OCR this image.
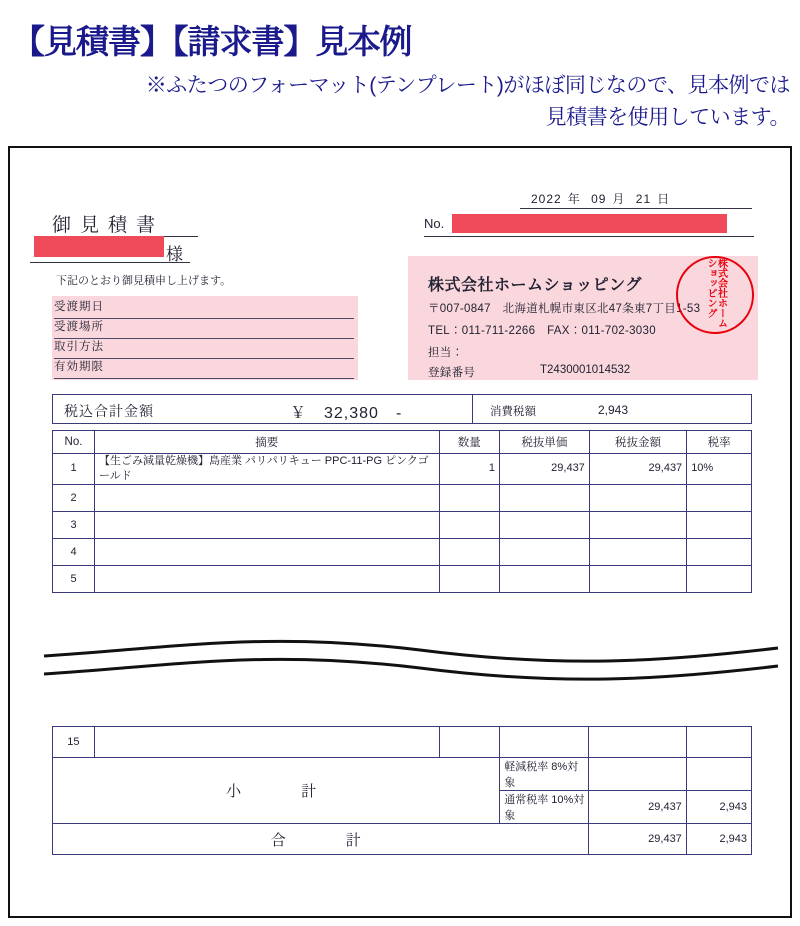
【見積書】【請求書】見本例
※ふたつのフォーマット(テンプレート)がほぼ同じなので、見本例では見積書を使用しています。
御見積書
様
下記のとおり御見積申し上げます。
2022 年 09 月 21 日
No.
受渡期日
受渡場所
取引方法
有効期限
株式会社ホームショッピング
〒007-0847　北海道札幌市東区北47条東7丁目1-53
TEL：011-711-2266　FAX：011-702-3030
担当：
登録番号	T2430001014532
株式会社ホームショッピング
税込合計金額	￥　32,380　-	消費税額	2,943
No.	摘要	数量	税抜単価	税抜金額	税率
1	【生ごみ減量乾燥機】島産業 パリパリキュー PPC-11-PG ピンクゴールド	1	29,437	29,437	10%
2					
3					
4					
5					
15					
小　　計			軽減税率 8%対象		
			通常税率 10%対象	29,437	2,943
合　　計				29,437	2,943
